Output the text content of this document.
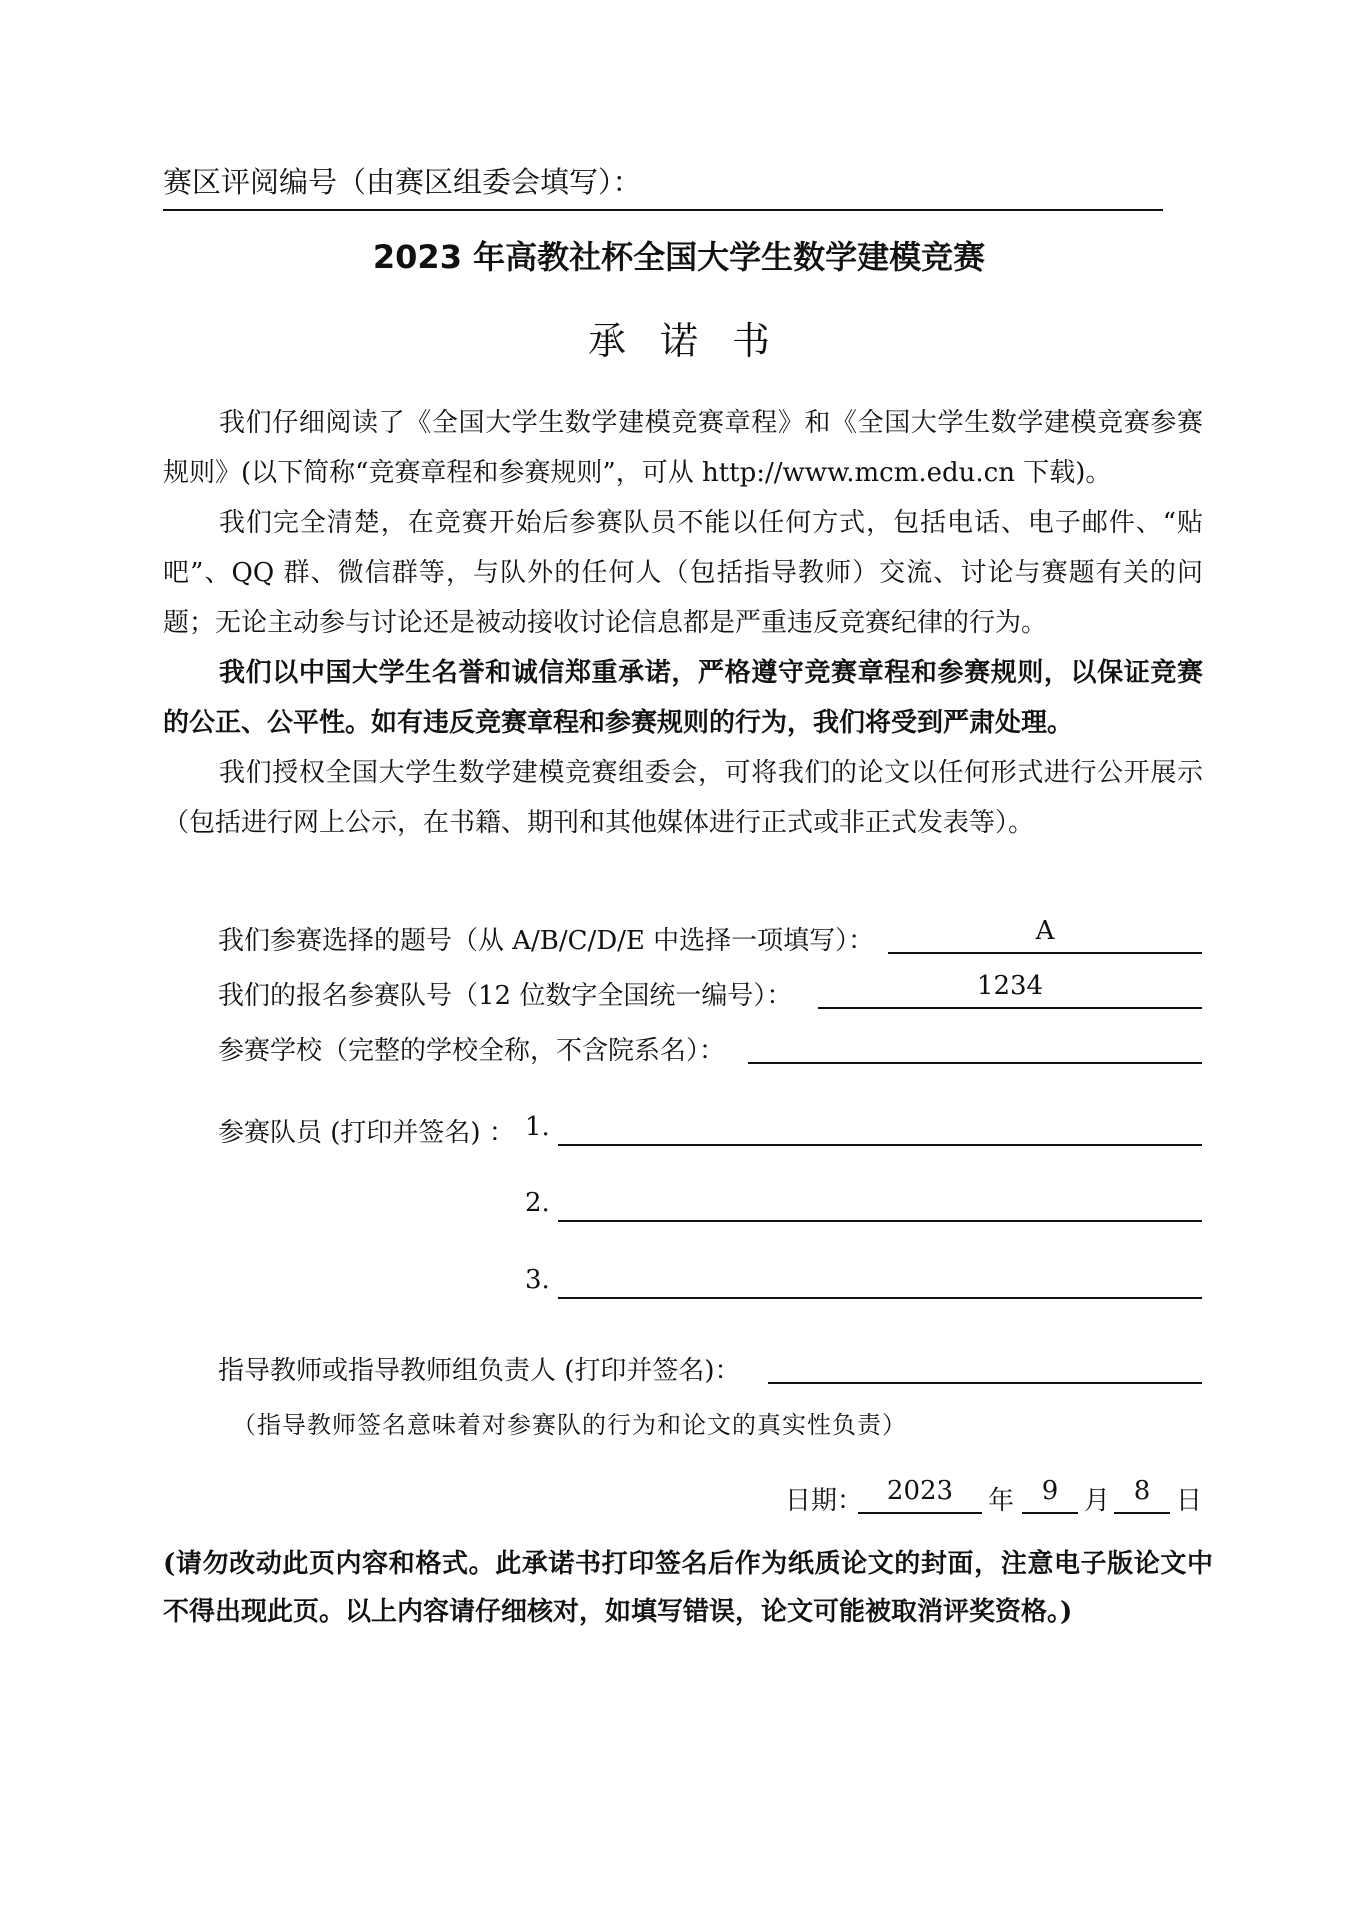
赛区评阅编号（由赛区组委会填写）：
2023 年高教社杯全国大学生数学建模竞赛
承诺书

我们仔细阅读了《全国大学生数学建模竞赛章程》和《全国大学生数学建模竞赛参赛规则》(以下简称“竞赛章程和参赛规则”，可从 http://www.mcm.edu.cn 下载)。

我们完全清楚，在竞赛开始后参赛队员不能以任何方式，包括电话、电子邮件、“贴吧”、QQ 群、微信群等，与队外的任何人（包括指导教师）交流、讨论与赛题有关的问题；无论主动参与讨论还是被动接收讨论信息都是严重违反竞赛纪律的行为。

我们以中国大学生名誉和诚信郑重承诺，严格遵守竞赛章程和参赛规则，以保证竞赛的公正、公平性。如有违反竞赛章程和参赛规则的行为，我们将受到严肃处理。

我们授权全国大学生数学建模竞赛组委会，可将我们的论文以任何形式进行公开展示（包括进行网上公示，在书籍、期刊和其他媒体进行正式或非正式发表等）。

我们参赛选择的题号（从 A/B/C/D/E 中选择一项填写）：	A
我们的报名参赛队号（12 位数字全国统一编号）：	1234
参赛学校（完整的学校全称，不含院系名）：
参赛队员 (打印并签名) ： 1.
2.
3.
指导教师或指导教师组负责人 (打印并签名)：
（指导教师签名意味着对参赛队的行为和论文的真实性负责）
日期： 2023	年	9 月 8 日
(请勿改动此页内容和格式。此承诺书打印签名后作为纸质论文的封面，注意电子版论文中不得出现此页。以上内容请仔细核对，如填写错误，论文可能被取消评奖资格。)
